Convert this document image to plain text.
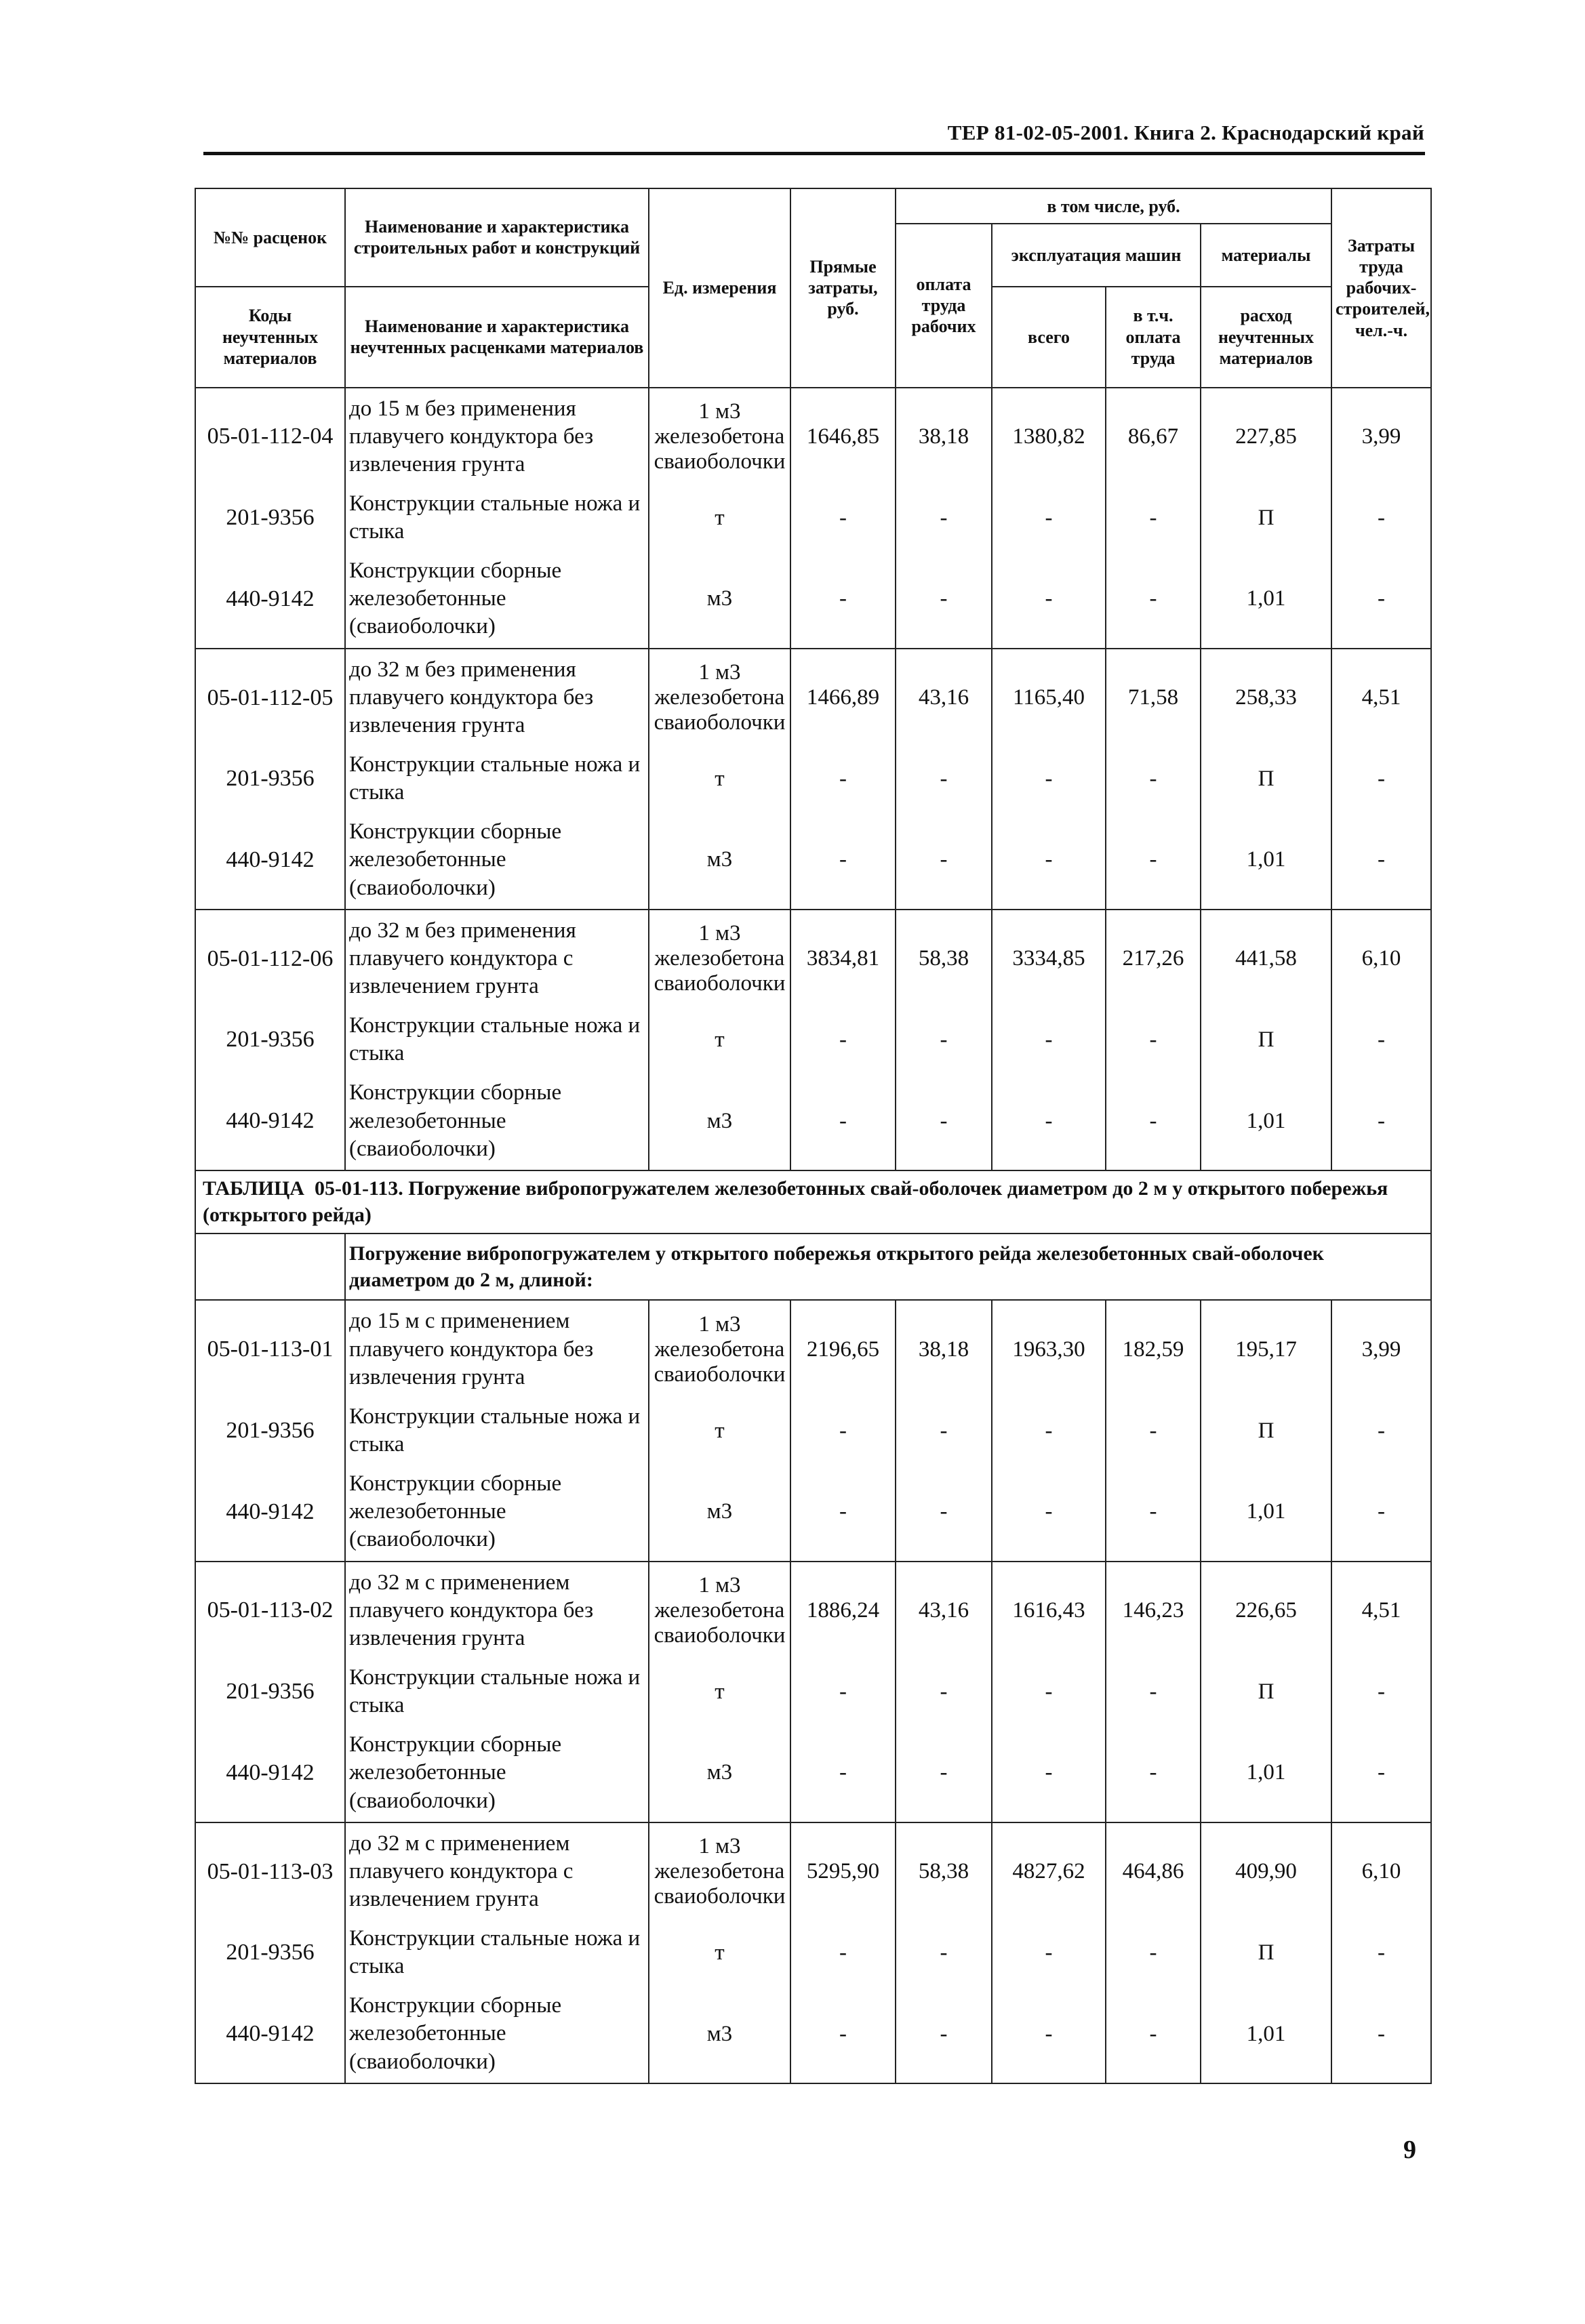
ТЕР 81-02-05-2001. Книга 2. Краснодарский край
№№ расценок	Наименование и характеристика строительных работ и конструкций	Ед. измерения	Прямые затраты, руб.	в том числе, руб.				Затраты труда рабочих-строителей, чел.-ч.
				оплата труда рабочих	эксплуатация машин		материалы	

Коды неучтенных материалов	Наименование и характеристика неучтенных расценками материалов				всего	в т.ч. оплата труда	расход неучтенных материалов	

05-01-112-04	до 15 м без применения плавучего кондуктора без извлечения грунта	1 м3 железобетона сваиоболочки	1646,85	38,18	1380,82	86,67	227,85	3,99
201-9356	Конструкции стальные ножа и стыка	т	-	-	-	-	П	-
440-9142	Конструкции сборные железобетонные (сваиоболочки)	м3	-	-	-	-	1,01	-
05-01-112-05	до 32 м без применения плавучего кондуктора без извлечения грунта	1 м3 железобетона сваиоболочки	1466,89	43,16	1165,40	71,58	258,33	4,51
201-9356	Конструкции стальные ножа и стыка	т	-	-	-	-	П	-
440-9142	Конструкции сборные железобетонные (сваиоболочки)	м3	-	-	-	-	1,01	-
05-01-112-06	до 32 м без применения плавучего кондуктора с извлечением грунта	1 м3 железобетона сваиоболочки	3834,81	58,38	3334,85	217,26	441,58	6,10
201-9356	Конструкции стальные ножа и стыка	т	-	-	-	-	П	-
440-9142	Конструкции сборные железобетонные (сваиоболочки)	м3	-	-	-	-	1,01	-
ТАБЛИЦА 05-01-113. Погружение вибропогружателем железобетонных свай-оболочек диаметром до 2 м у открытого побережья (открытого рейда)								
	Погружение вибропогружателем у открытого побережья открытого рейда железобетонных свай-оболочек диаметром до 2 м, длиной:							
05-01-113-01	до 15 м с применением плавучего кондуктора без извлечения грунта	1 м3 железобетона сваиоболочки	2196,65	38,18	1963,30	182,59	195,17	3,99
201-9356	Конструкции стальные ножа и стыка	т	-	-	-	-	П	-
440-9142	Конструкции сборные железобетонные (сваиоболочки)	м3	-	-	-	-	1,01	-
05-01-113-02	до 32 м с применением плавучего кондуктора без извлечения грунта	1 м3 железобетона сваиоболочки	1886,24	43,16	1616,43	146,23	226,65	4,51
201-9356	Конструкции стальные ножа и стыка	т	-	-	-	-	П	-
440-9142	Конструкции сборные железобетонные (сваиоболочки)	м3	-	-	-	-	1,01	-
05-01-113-03	до 32 м с применением плавучего кондуктора с извлечением грунта	1 м3 железобетона сваиоболочки	5295,90	58,38	4827,62	464,86	409,90	6,10
201-9356	Конструкции стальные ножа и стыка	т	-	-	-	-	П	-
440-9142	Конструкции сборные железобетонные (сваиоболочки)	м3	-	-	-	-	1,01	-
9
